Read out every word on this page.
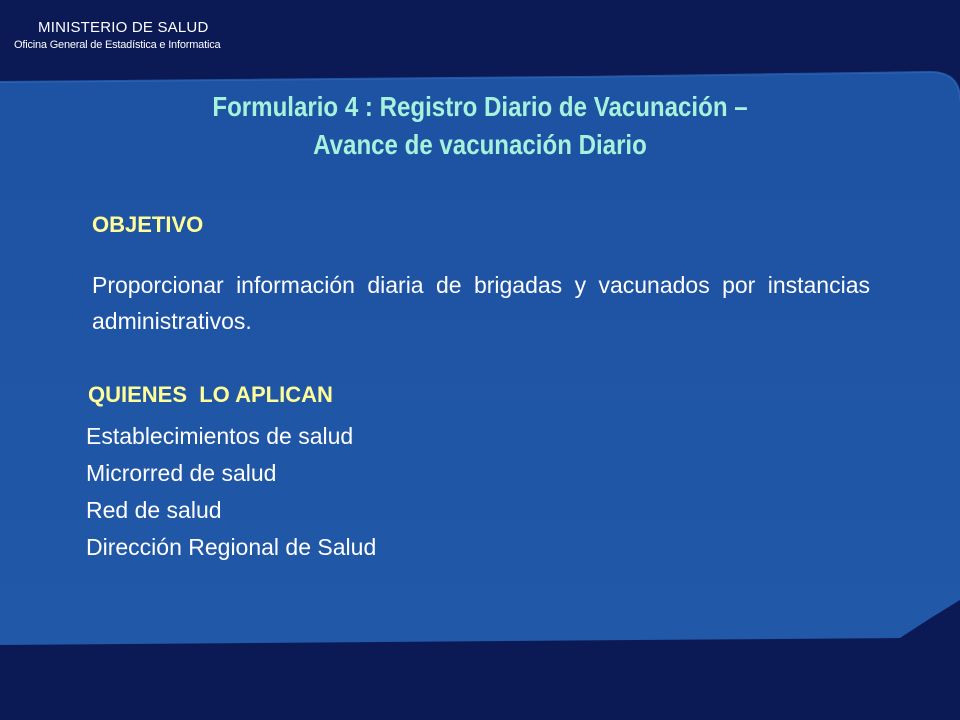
MINISTERIO DE SALUD
Oficina General de Estadística e Informatica
Formulario 4 : Registro Diario de Vacunación –
Avance de vacunación Diario
OBJETIVO
Proporcionar información diaria de brigadas y vacunados por instancias administrativos.
QUIENES  LO APLICAN
Establecimientos de salud
Microrred de salud
Red de salud
Dirección Regional de Salud
